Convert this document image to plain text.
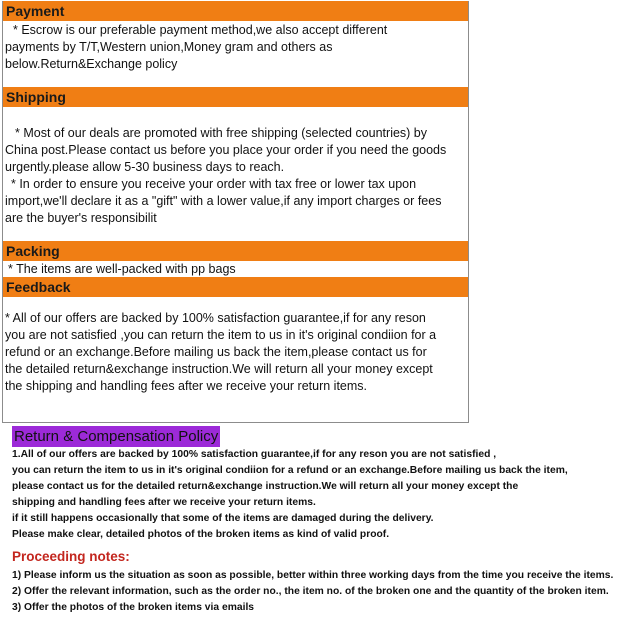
Payment

* Escrow is our preferable payment method,we also accept different

payments by T/T,Western union,Money gram and others as

below.Return&Exchange policy

Shipping

* Most of our deals are promoted with free shipping (selected countries) by

China post.Please contact us before you place your order if you need the goods

urgently.please allow 5-30 business days to reach.

* In order to ensure you receive your order with tax free or lower tax upon

import,we'll declare it as a "gift" with a lower value,if any import charges or fees

are the buyer's responsibilit

Packing

* The items are well-packed with pp bags

Feedback

* All of our offers are backed by 100% satisfaction guarantee,if for any reson

you are not satisfied ,you can return the item to us in it's original condiion for a

refund or an exchange.Before mailing us back the item,please contact us for

the detailed return&exchange instruction.We will return all your money except

the shipping and handling fees after we receive your return items.

Return & Compensation Policy

1.All of our offers are backed by 100% satisfaction guarantee,if for any reson you are not satisfied ,

you can return the item to us in it's original condiion for a refund or an exchange.Before mailing us back the item,

please contact us for the detailed return&exchange instruction.We will return all your money except the

shipping and handling fees after we receive your return items.

if it still happens occasionally that some of the items are damaged during the delivery.

Please make clear, detailed photos of the broken items as kind of valid proof.

Proceeding notes:

1) Please inform us the situation as soon as possible, better within three working days from the time you receive the items.

2) Offer the relevant information, such as the order no., the item no. of the broken one and the quantity of the broken item.

3) Offer the photos of the broken items via emails
